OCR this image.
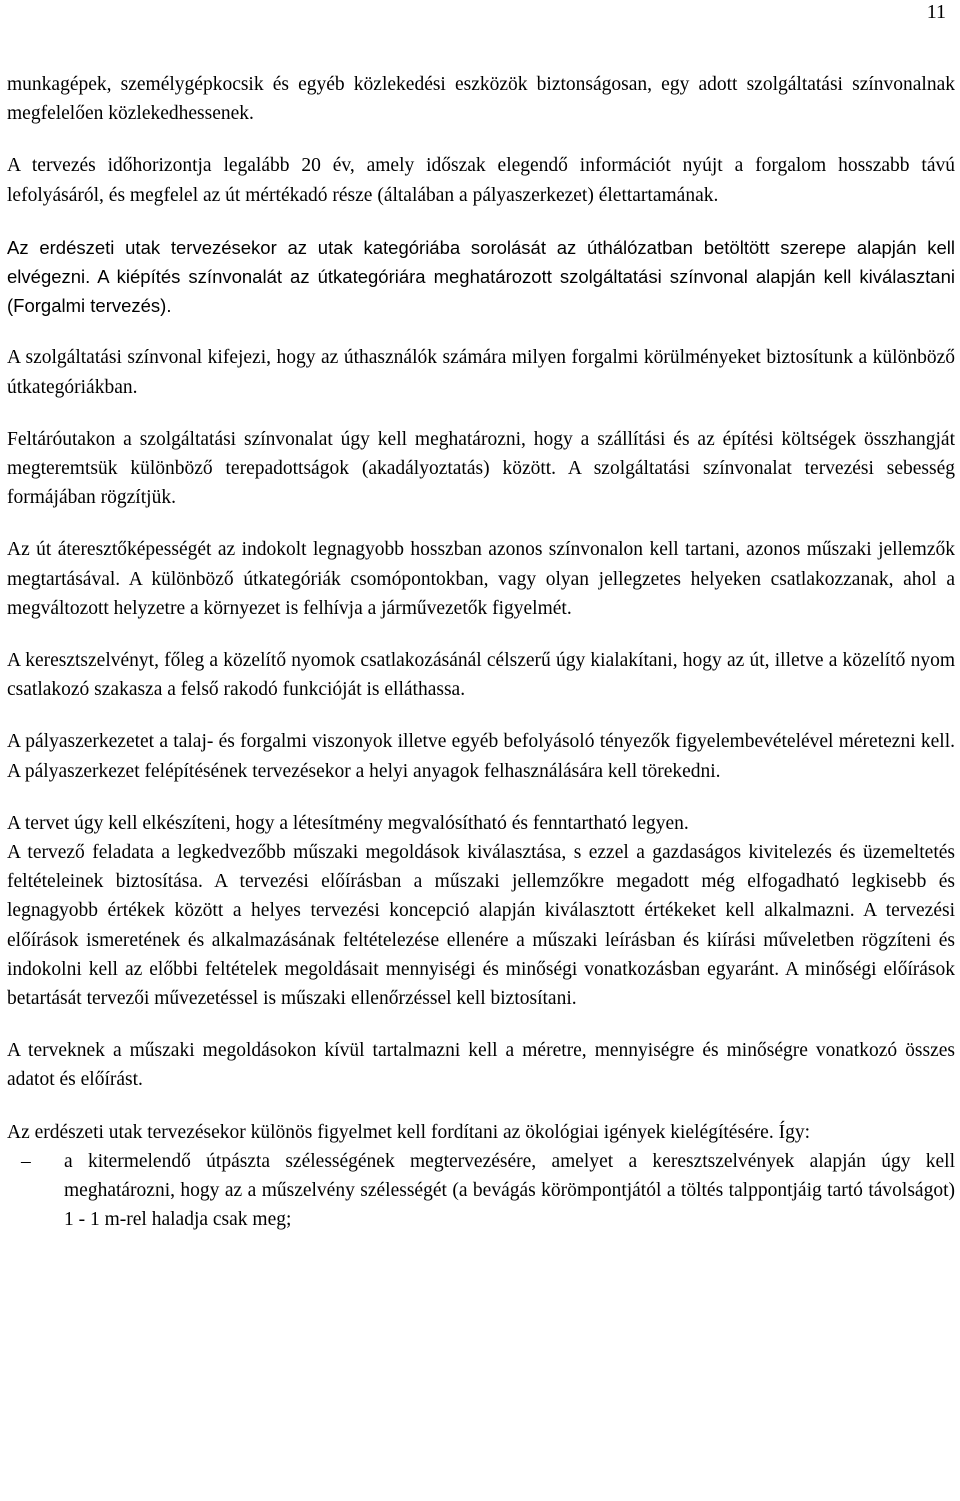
11

munkagépek, személygépkocsik és egyéb közlekedési eszközök biztonságosan, egy adott szolgáltatási színvonalnak megfelelően közlekedhessenek.

A tervezés időhorizontja legalább 20 év, amely időszak elegendő információt nyújt a forgalom hosszabb távú lefolyásáról, és megfelel az út mértékadó része (általában a pályaszerkezet) élettartamának.

Az erdészeti utak tervezésekor az utak kategóriába sorolását az úthálózatban betöltött szerepe alapján kell elvégezni. A kiépítés színvonalát az útkategóriára meghatározott szolgáltatási színvonal alapján kell kiválasztani (Forgalmi tervezés).

A szolgáltatási színvonal kifejezi, hogy az úthasználók számára milyen forgalmi körülményeket biztosítunk a különböző útkategóriákban.

Feltáróutakon a szolgáltatási színvonalat úgy kell meghatározni, hogy a szállítási és az építési költségek összhangját megteremtsük különböző terepadottságok (akadályoztatás) között. A szolgáltatási színvonalat tervezési sebesség formájában rögzítjük.

Az út áteresztőképességét az indokolt legnagyobb hosszban azonos színvonalon kell tartani, azonos műszaki jellemzők megtartásával. A különböző útkategóriák csomópontokban, vagy olyan jellegzetes helyeken csatlakozzanak, ahol a megváltozott helyzetre a környezet is felhívja a járművezetők figyelmét.

A keresztszelvényt, főleg a közelítő nyomok csatlakozásánál célszerű úgy kialakítani, hogy az út, illetve a közelítő nyom csatlakozó szakasza a felső rakodó funkcióját is elláthassa.

A pályaszerkezetet a talaj- és forgalmi viszonyok illetve egyéb befolyásoló tényezők figyelembevételével méretezni kell. A pályaszerkezet felépítésének tervezésekor a helyi anyagok felhasználására kell törekedni.

A tervet úgy kell elkészíteni, hogy a létesítmény megvalósítható és fenntartható legyen.

A tervező feladata a legkedvezőbb műszaki megoldások kiválasztása, s ezzel a gazdaságos kivitelezés és üzemeltetés feltételeinek biztosítása. A tervezési előírásban a műszaki jellemzőkre megadott még elfogadható legkisebb és legnagyobb értékek között a helyes tervezési koncepció alapján kiválasztott értékeket kell alkalmazni. A tervezési előírások ismeretének és alkalmazásának feltételezése ellenére a műszaki leírásban és kiírási műveletben rögzíteni és indokolni kell az előbbi feltételek megoldásait mennyiségi és minőségi vonatkozásban egyaránt. A minőségi előírások betartását tervezői művezetéssel is műszaki ellenőrzéssel kell biztosítani.

A terveknek a műszaki megoldásokon kívül tartalmazni kell a méretre, mennyiségre és minőségre vonatkozó összes adatot és előírást.

Az erdészeti utak tervezésekor különös figyelmet kell fordítani az ökológiai igények kielégítésére. Így:

– a kitermelendő útpászta szélességének megtervezésére, amelyet a keresztszelvények alapján úgy kell meghatározni, hogy az a műszelvény szélességét (a bevágás körömpontjától a töltés talppontjáig tartó távolságot) 1 - 1 m-rel haladja csak meg;
